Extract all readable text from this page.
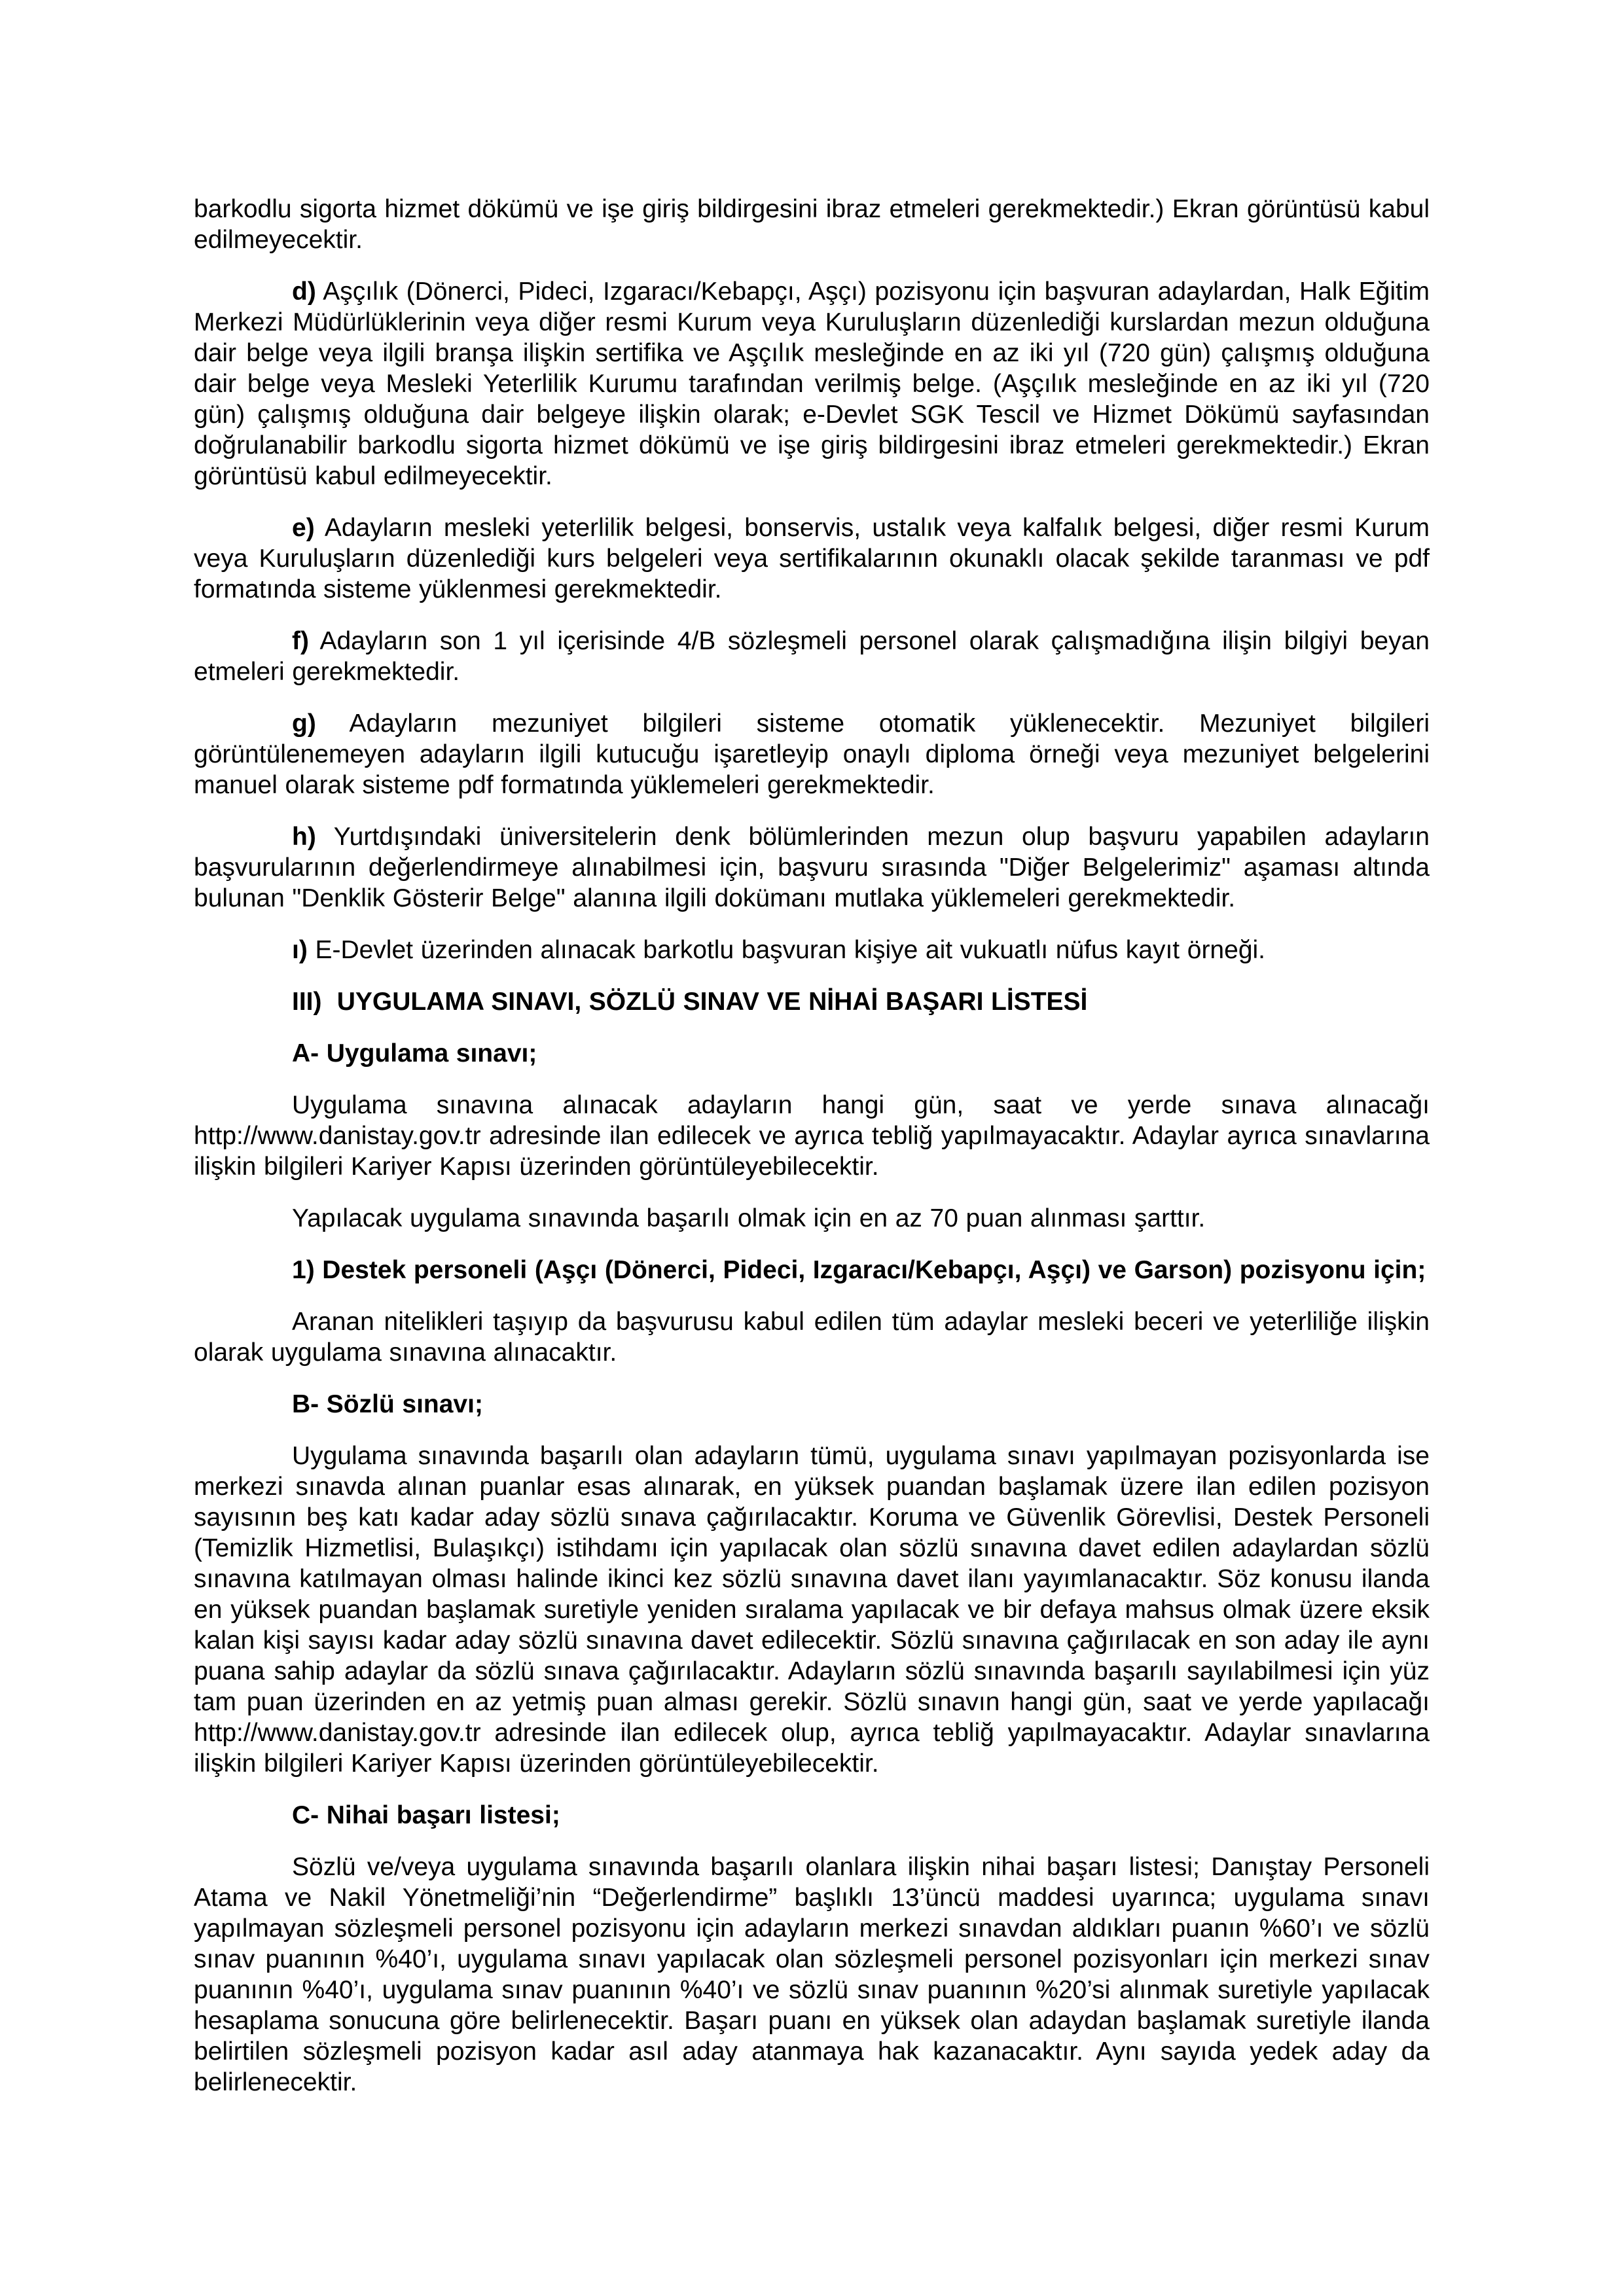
barkodlu sigorta hizmet dökümü ve işe giriş bildirgesini ibraz etmeleri gerekmektedir.) Ekran görüntüsü kabul edilmeyecektir.

d) Aşçılık (Dönerci, Pideci, Izgaracı/Kebapçı, Aşçı) pozisyonu için başvuran adaylardan, Halk Eğitim Merkezi Müdürlüklerinin veya diğer resmi Kurum veya Kuruluşların düzenlediği kurslardan mezun olduğuna dair belge veya ilgili branşa ilişkin sertifika ve Aşçılık mesleğinde en az iki yıl (720 gün) çalışmış olduğuna dair belge veya Mesleki Yeterlilik Kurumu tarafından verilmiş belge. (Aşçılık mesleğinde en az iki yıl (720 gün) çalışmış olduğuna dair belgeye ilişkin olarak; e-Devlet SGK Tescil ve Hizmet Dökümü sayfasından doğrulanabilir barkodlu sigorta hizmet dökümü ve işe giriş bildirgesini ibraz etmeleri gerekmektedir.) Ekran görüntüsü kabul edilmeyecektir.

e) Adayların mesleki yeterlilik belgesi, bonservis, ustalık veya kalfalık belgesi, diğer resmi Kurum veya Kuruluşların düzenlediği kurs belgeleri veya sertifikalarının okunaklı olacak şekilde taranması ve pdf formatında sisteme yüklenmesi gerekmektedir.

f) Adayların son 1 yıl içerisinde 4/B sözleşmeli personel olarak çalışmadığına ilişin bilgiyi beyan etmeleri gerekmektedir.

g) Adayların mezuniyet bilgileri sisteme otomatik yüklenecektir. Mezuniyet bilgileri görüntülenemeyen adayların ilgili kutucuğu işaretleyip onaylı diploma örneği veya mezuniyet belgelerini manuel olarak sisteme pdf formatında yüklemeleri gerekmektedir.

h) Yurtdışındaki üniversitelerin denk bölümlerinden mezun olup başvuru yapabilen adayların başvurularının değerlendirmeye alınabilmesi için, başvuru sırasında "Diğer Belgelerimiz" aşaması altında bulunan "Denklik Gösterir Belge" alanına ilgili dokümanı mutlaka yüklemeleri gerekmektedir.

ı) E-Devlet üzerinden alınacak barkotlu başvuran kişiye ait vukuatlı nüfus kayıt örneği.

III)  UYGULAMA SINAVI, SÖZLÜ SINAV VE NİHAİ BAŞARI LİSTESİ

A- Uygulama sınavı;

Uygulama sınavına alınacak adayların hangi gün, saat ve yerde sınava alınacağı http://www.danistay.gov.tr adresinde ilan edilecek ve ayrıca tebliğ yapılmayacaktır. Adaylar ayrıca sınavlarına ilişkin bilgileri Kariyer Kapısı üzerinden görüntüleyebilecektir.

Yapılacak uygulama sınavında başarılı olmak için en az 70 puan alınması şarttır.

1) Destek personeli (Aşçı (Dönerci, Pideci, Izgaracı/Kebapçı, Aşçı) ve Garson) pozisyonu için;

Aranan nitelikleri taşıyıp da başvurusu kabul edilen tüm adaylar mesleki beceri ve yeterliliğe ilişkin olarak uygulama sınavına alınacaktır.

B- Sözlü sınavı;

Uygulama sınavında başarılı olan adayların tümü, uygulama sınavı yapılmayan pozisyonlarda ise merkezi sınavda alınan puanlar esas alınarak, en yüksek puandan başlamak üzere ilan edilen pozisyon sayısının beş katı kadar aday sözlü sınava çağırılacaktır. Koruma ve Güvenlik Görevlisi, Destek Personeli (Temizlik Hizmetlisi, Bulaşıkçı) istihdamı için yapılacak olan sözlü sınavına davet edilen adaylardan sözlü sınavına katılmayan olması halinde ikinci kez sözlü sınavına davet ilanı yayımlanacaktır. Söz konusu ilanda en yüksek puandan başlamak suretiyle yeniden sıralama yapılacak ve bir defaya mahsus olmak üzere eksik kalan kişi sayısı kadar aday sözlü sınavına davet edilecektir. Sözlü sınavına çağırılacak en son aday ile aynı puana sahip adaylar da sözlü sınava çağırılacaktır. Adayların sözlü sınavında başarılı sayılabilmesi için yüz tam puan üzerinden en az yetmiş puan alması gerekir. Sözlü sınavın hangi gün, saat ve yerde yapılacağı http://www.danistay.gov.tr adresinde ilan edilecek olup, ayrıca tebliğ yapılmayacaktır. Adaylar sınavlarına ilişkin bilgileri Kariyer Kapısı üzerinden görüntüleyebilecektir.

C- Nihai başarı listesi;

Sözlü ve/veya uygulama sınavında başarılı olanlara ilişkin nihai başarı listesi; Danıştay Personeli Atama ve Nakil Yönetmeliği’nin “Değerlendirme” başlıklı 13’üncü maddesi uyarınca; uygulama sınavı yapılmayan sözleşmeli personel pozisyonu için adayların merkezi sınavdan aldıkları puanın %60’ı ve sözlü sınav puanının %40’ı, uygulama sınavı yapılacak olan sözleşmeli personel pozisyonları için merkezi sınav puanının %40’ı, uygulama sınav puanının %40’ı ve sözlü sınav puanının %20’si alınmak suretiyle yapılacak hesaplama sonucuna göre belirlenecektir. Başarı puanı en yüksek olan adaydan başlamak suretiyle ilanda belirtilen sözleşmeli pozisyon kadar asıl aday atanmaya hak kazanacaktır. Aynı sayıda yedek aday da belirlenecektir.
